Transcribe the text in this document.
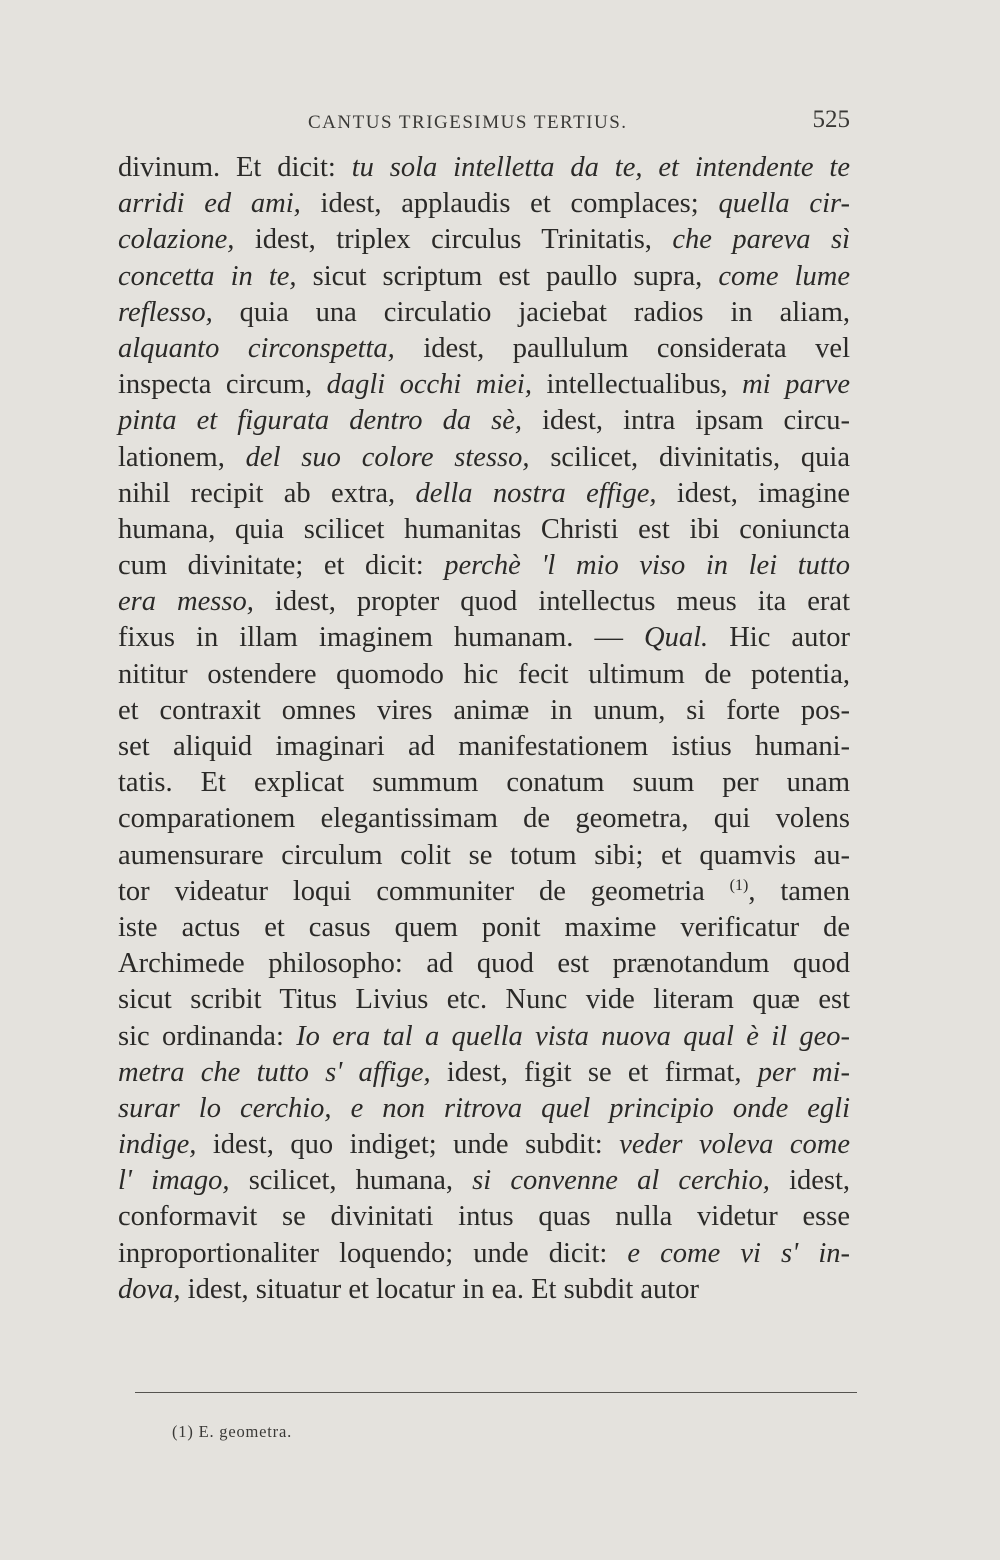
CANTUS TRIGESIMUS TERTIUS.	525
divinum. Et dicit: tu sola intelletta da te, et intendente te
arridi ed ami, idest, applaudis et complaces; quella cir-
colazione, idest, triplex circulus Trinitatis, che pareva sì
concetta in te, sicut scriptum est paullo supra, come lume
reflesso, quia una circulatio jaciebat radios in aliam,
alquanto circonspetta, idest, paullulum considerata vel
inspecta circum, dagli occhi miei, intellectualibus, mi parve
pinta et figurata dentro da sè, idest, intra ipsam circu-
lationem, del suo colore stesso, scilicet, divinitatis, quia
nihil recipit ab extra, della nostra effige, idest, imagine
humana, quia scilicet humanitas Christi est ibi coniuncta
cum divinitate; et dicit: perchè 'l mio viso in lei tutto
era messo, idest, propter quod intellectus meus ita erat
fixus in illam imaginem humanam. — Qual. Hic autor
nititur ostendere quomodo hic fecit ultimum de potentia,
et contraxit omnes vires animæ in unum, si forte pos-
set aliquid imaginari ad manifestationem istius humani-
tatis. Et explicat summum conatum suum per unam
comparationem elegantissimam de geometra, qui volens
aumensurare circulum colit se totum sibi; et quamvis au-
tor videatur loqui communiter de geometria $^{(1)}$, tamen
iste actus et casus quem ponit maxime verificatur de
Archimede philosopho: ad quod est prænotandum quod
sicut scribit Titus Livius etc. Nunc vide literam quæ est
sic ordinanda: Io era tal a quella vista nuova qual è il geo-
metra che tutto s' affige, idest, figit se et firmat, per mi-
surar lo cerchio, e non ritrova quel principio onde egli
indige, idest, quo indiget; unde subdit: veder voleva come
l' imago, scilicet, humana, si convenne al cerchio, idest,
conformavit se divinitati intus quas nulla videtur esse
inproportionaliter loquendo; unde dicit: e come vi s' in-
dova, idest, situatur et locatur in ea. Et subdit autor
(1) E. geometra.
